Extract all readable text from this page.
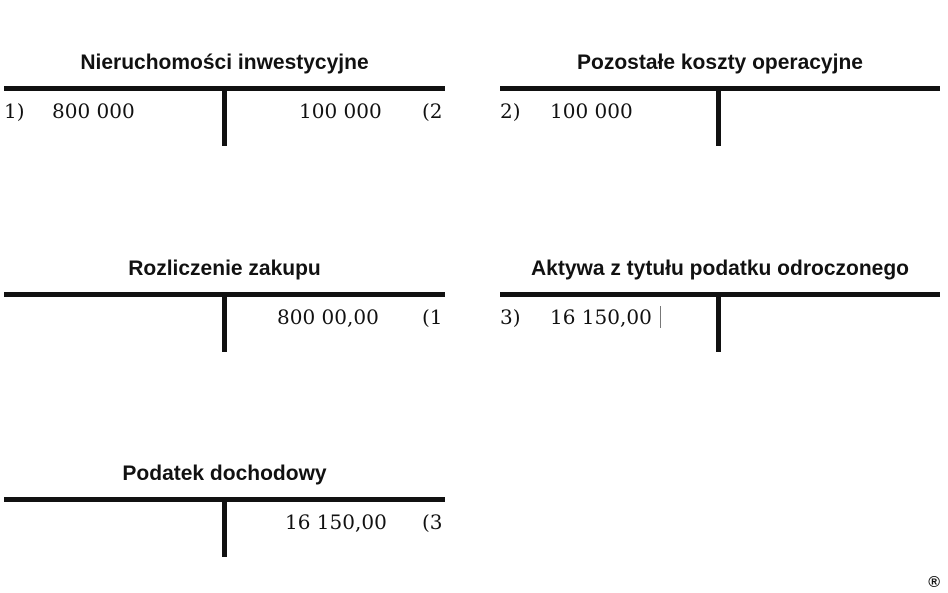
Nieruchomości inwestycyjne
1) 800 000	100 000 (2
Pozostałe koszty operacyjne
2) 100 000
Rozliczenie zakupu
800 00,00 (1
Aktywa z tytułu podatku odroczonego
3) 16 150,00
Podatek dochodowy
16 150,00 (3
®
